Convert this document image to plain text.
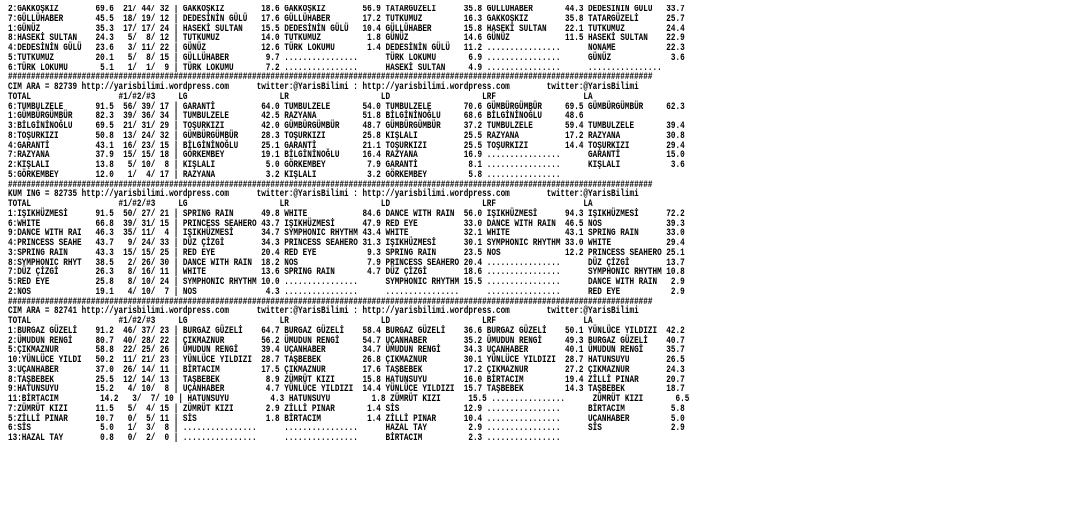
2:GAKKOŞKIZ        69.6  21/ 44/ 32 | GAKKOŞKIZ        18.6 GAKKOŞKIZ        56.9 TATARGÜZELİ      35.8 GÜLLÜHABER       44.3 DEDESİNİN GÜLÜ   33.7
7:GÜLLÜHABER       45.5  18/ 19/ 12 | DEDESİNİN GÜLÜ   17.6 GÜLLÜHABER       17.2 TUTKUMUZ         16.3 GAKKOŞKIZ        35.8 TATARGÜZELİ      25.7
1:GÜNÜZ            35.3  17/ 17/ 24 | HASEKİ SULTAN    15.5 DEDESİNİN GÜLÜ   10.4 GÜLLÜHABER       15.8 HASEKİ SULTAN    22.1 TUTKUMUZ         24.4
8:HASEKİ SULTAN    24.3   5/  8/ 12 | TUTKUMUZ         14.0 TUTKUMUZ          1.8 GÜNÜZ            14.6 GÜNÜZ            11.5 HASEKİ SULTAN    22.9
4:DEDESİNİN GÜLÜ   23.6   3/ 11/ 22 | GÜNÜZ            12.6 TÜRK LOKUMU       1.4 DEDESİNİN GÜLÜ   11.2 ................      NONAME           22.3
5:TUTKUMUZ         20.1   5/  8/ 15 | GÜLLÜHABER        9.7 ................      TÜRK LOKUMU       6.9 ................      GÜNÜZ             3.6
6:TÜRK LOKUMU       5.1   1/  1/  9 | TÜRK LOKUMU       7.2 ................      HASEKİ SULTAN     4.9 ................      ................
############################################################################################################################################
CIM ARA = 82739 http://yarisbilimi.wordpress.com      twitter:@YarisBilimi : http://yarisbilimi.wordpress.com        twitter:@YarisBilimi
TOTAL                   #1/#2/#3     LG                    LR                    LD                    LRF                   LA
6:TUMBULZELE       91.5  56/ 39/ 17 | GARANTİ          64.0 TUMBULZELE       54.0 TUMBULZELE       70.6 GÜMBÜRGÜMBÜR     69.5 GÜMBÜRGÜMBÜR     62.3
1:GÜMBÜRGÜMBÜR     82.3  39/ 36/ 34 | TUMBULZELE       42.5 RAZYANA          51.8 BİLGİNİNOĞLU     68.6 BİLGİNİNOĞLU     48.6
3:BİLGİNİNOĞLU     69.5  21/ 31/ 29 | TOŞURKIZI        42.0 GÜMBÜRGÜMBÜR     48.7 GÜMBÜRGÜMBÜR     37.2 TUMBULZELE       59.4 TUMBULZELE       39.4
8:TOŞURKIZI        50.8  13/ 24/ 32 | GÜMBÜRGÜMBÜR     28.3 TOŞURKIZI        25.8 KIŞLALI          25.5 RAZYANA          17.2 RAZYANA          30.8
4:GARANTİ          43.1  16/ 23/ 15 | BİLGİNİNOĞLU     25.1 GARANTİ          21.1 TOŞURKIZI        25.5 TOŞURKIZI        14.4 TOŞURKIZI        29.4
7:RAZYANA          37.9  15/ 15/ 18 | GÖRKEMBEY        19.1 BİLGİNİNOĞLU     16.4 RAZYANA          16.9 ................      GARANTİ          15.0
2:KIŞLALI          13.8   5/ 10/  8 | KIŞLALI           5.0 GÖRKEMBEY         7.9 GARANTİ           8.1 ................      KIŞLALI           3.6
5:GÖRKEMBEY        12.0   1/  4/ 17 | RAZYANA           3.2 KIŞLALI           3.2 GÖRKEMBEY         5.8 ................
############################################################################################################################################
KUM ING = 82735 http://yarisbilimi.wordpress.com      twitter:@YarisBilimi : http://yarisbilimi.wordpress.com        twitter:@YarisBilimi
TOTAL                   #1/#2/#3     LG                    LR                    LD                    LRF                   LA
1:IŞIKHÜZMESİ      91.5  50/ 27/ 21 | SPRING RAIN      49.8 WHITE            84.6 DANCE WITH RAIN  56.0 IŞIKHÜZMESİ      94.3 IŞIKHÜZMESİ      72.2
6:WHITE            66.8  39/ 31/ 15 | PRINCESS SEAHERO 43.7 IŞIKHÜZMESİ      47.9 RED EYE          33.0 DANCE WITH RAIN  46.5 NOS              39.3
9:DANCE WITH RAI   46.3  35/ 11/  4 | IŞIKHÜZMESİ      34.7 SYMPHONIC RHYTHM 43.4 WHITE            32.1 WHITE            43.1 SPRING RAIN      33.0
4:PRINCESS SEAHE   43.7   9/ 24/ 33 | DÜZ ÇİZGİ        34.3 PRINCESS SEAHERO 31.3 IŞIKHÜZMESİ      30.1 SYMPHONIC RHYTHM 33.0 WHITE            29.4
3:SPRING RAIN      43.3  15/ 15/ 25 | RED EYE          20.4 RED EYE           9.3 SPRING RAIN      23.5 NOS              12.2 PRINCESS SEAHERO 25.1
8:SYMPHONIC RHYT   38.5   2/ 26/ 30 | DANCE WITH RAIN  18.2 NOS               7.9 PRINCESS SEAHERO 20.4 ................      DÜZ ÇİZGİ        13.7
7:DÜZ ÇİZGİ        26.3   8/ 16/ 11 | WHITE            13.6 SPRING RAIN       4.7 DÜZ ÇİZGİ        18.6 ................      SYMPHONIC RHYTHM 10.8
5:RED EYE          25.8   8/ 10/ 24 | SYMPHONIC RHYTHM 10.0 ................      SYMPHONIC RHYTHM 15.5 ................      DANCE WITH RAIN   2.9
2:NOS              19.1   4/ 10/  7 | NOS               4.3 ................      ................      ................      RED EYE           2.9
############################################################################################################################################
CIM ARA = 82741 http://yarisbilimi.wordpress.com      twitter:@YarisBilimi : http://yarisbilimi.wordpress.com        twitter:@YarisBilimi
TOTAL                   #1/#2/#3     LG                    LR                    LD                    LRF                   LA
1:BURGAZ GÜZELİ    91.2  46/ 37/ 23 | BURGAZ GÜZELİ    64.7 BURGAZ GÜZELİ    58.4 BURGAZ GÜZELİ    36.6 BURGAZ GÜZELİ    50.1 YÜNLÜCE YILDIZI  42.2
2:ÜMUDUN RENGİ     80.7  40/ 28/ 22 | ÇIKMAZNUR        56.2 ÜMUDUN RENGİ     54.7 UÇANHABER        35.2 ÜMUDUN RENGİ     49.3 BURGAZ GÜZELİ    40.7
5:ÇIKMAZNUR        58.8  22/ 25/ 26 | ÜMUDUN RENGİ     39.4 UÇANHABER        34.7 ÜMUDUN RENGİ     34.3 UÇANHABER        40.1 ÜMUDUN RENGİ     35.7
10:YÜNLÜCE YILDI   50.2  11/ 21/ 23 | YÜNLÜCE YILDIZI  28.7 TAŞBEBEK         26.8 ÇIKMAZNUR        30.1 YÜNLÜCE YILDIZI  28.7 HATUNSUYU        26.5
3:UÇANHABER        37.0  26/ 14/ 11 | BİRTACIM         17.5 ÇIKMAZNUR        17.6 TAŞBEBEK         17.2 ÇIKMAZNUR        27.2 ÇIKMAZNUR        24.3
8:TAŞBEBEK         25.5  12/ 14/ 13 | TAŞBEBEK          8.9 ZÜMRÜT KIZI      15.8 HATUNSUYU        16.0 BİRTACIM         19.4 ZİLLİ PINAR      20.7
9:HATUNSUYU        15.2   4/ 10/  8 | UÇANHABER         4.7 YÜNLÜCE YILDIZI  14.4 YÜNLÜCE YILDIZI  15.7 TAŞBEBEK         14.3 TAŞBEBEK         18.7
11:BİRTACIM         14.2   3/  7/ 10 | HATUNSUYU         4.3 HATUNSUYU         1.8 ZÜMRÜT KIZI      15.5 ................      ZÜMRÜT KIZI       6.5
7:ZÜMRÜT KIZI      11.5   5/  4/ 15 | ZÜMRÜT KIZI       2.9 ZİLLİ PINAR       1.4 SİS              12.9 ................      BİRTACIM          5.8
5:ZİLLİ PINAR      10.7   0/  5/ 11 | SİS               1.8 BİRTACIM          1.4 ZİLLİ PINAR      10.4 ................      UÇANHABER         5.0
6:SİS               5.0   1/  3/  8 | ................      ................      HAZAL TAY         2.9 ................      SİS               2.9
13:HAZAL TAY        0.8   0/  2/  0 | ................      ................      BİRTACIM          2.3 ................
